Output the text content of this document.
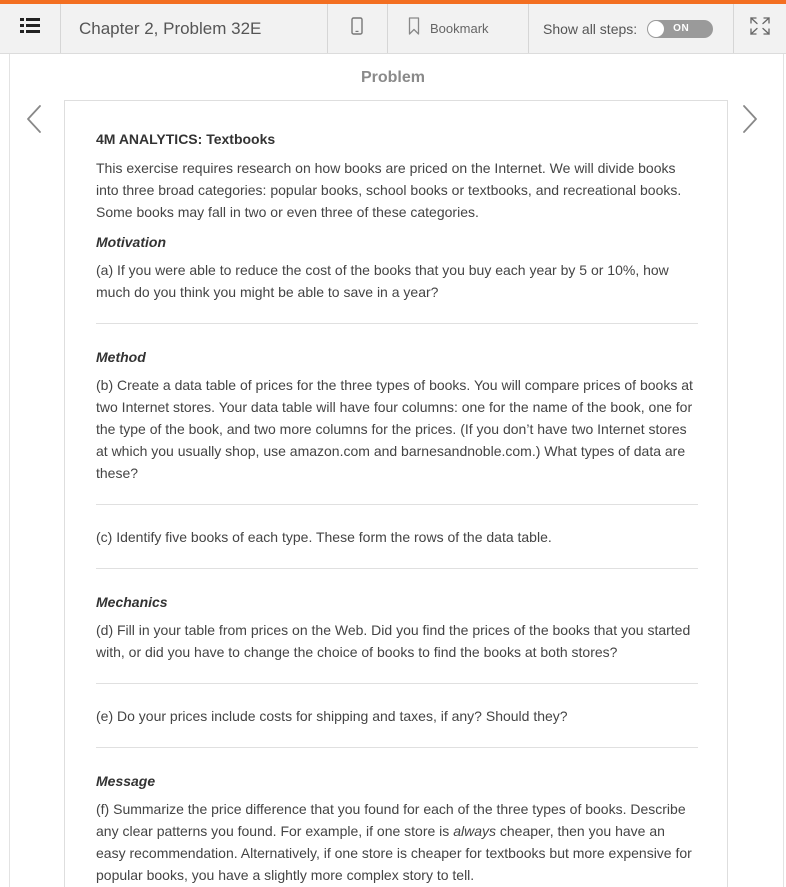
Chapter 2, Problem 32E	Bookmark	Show all steps:	ON
Problem
4M ANALYTICS: Textbooks

This exercise requires research on how books are priced on the Internet. We will divide books into three broad categories: popular books, school books or textbooks, and recreational books. Some books may fall in two or even three of these categories.

Motivation

(a) If you were able to reduce the cost of the books that you buy each year by 5 or 10%, how much do you think you might be able to save in a year?

Method

(b) Create a data table of prices for the three types of books. You will compare prices of books at two Internet stores. Your data table will have four columns: one for the name of the book, one for the type of the book, and two more columns for the prices. (If you don’t have two Internet stores at which you usually shop, use amazon.com and barnesandnoble.com.) What types of data are these?

(c) Identify five books of each type. These form the rows of the data table.

Mechanics

(d) Fill in your table from prices on the Web. Did you find the prices of the books that you started with, or did you have to change the choice of books to find the books at both stores?

(e) Do your prices include costs for shipping and taxes, if any? Should they?

Message

(f) Summarize the price difference that you found for each of the three types of books. Describe any clear patterns you found. For example, if one store is always cheaper, then you have an easy recommendation. Alternatively, if one store is cheaper for textbooks but more expensive for popular books, you have a slightly more complex story to tell.
